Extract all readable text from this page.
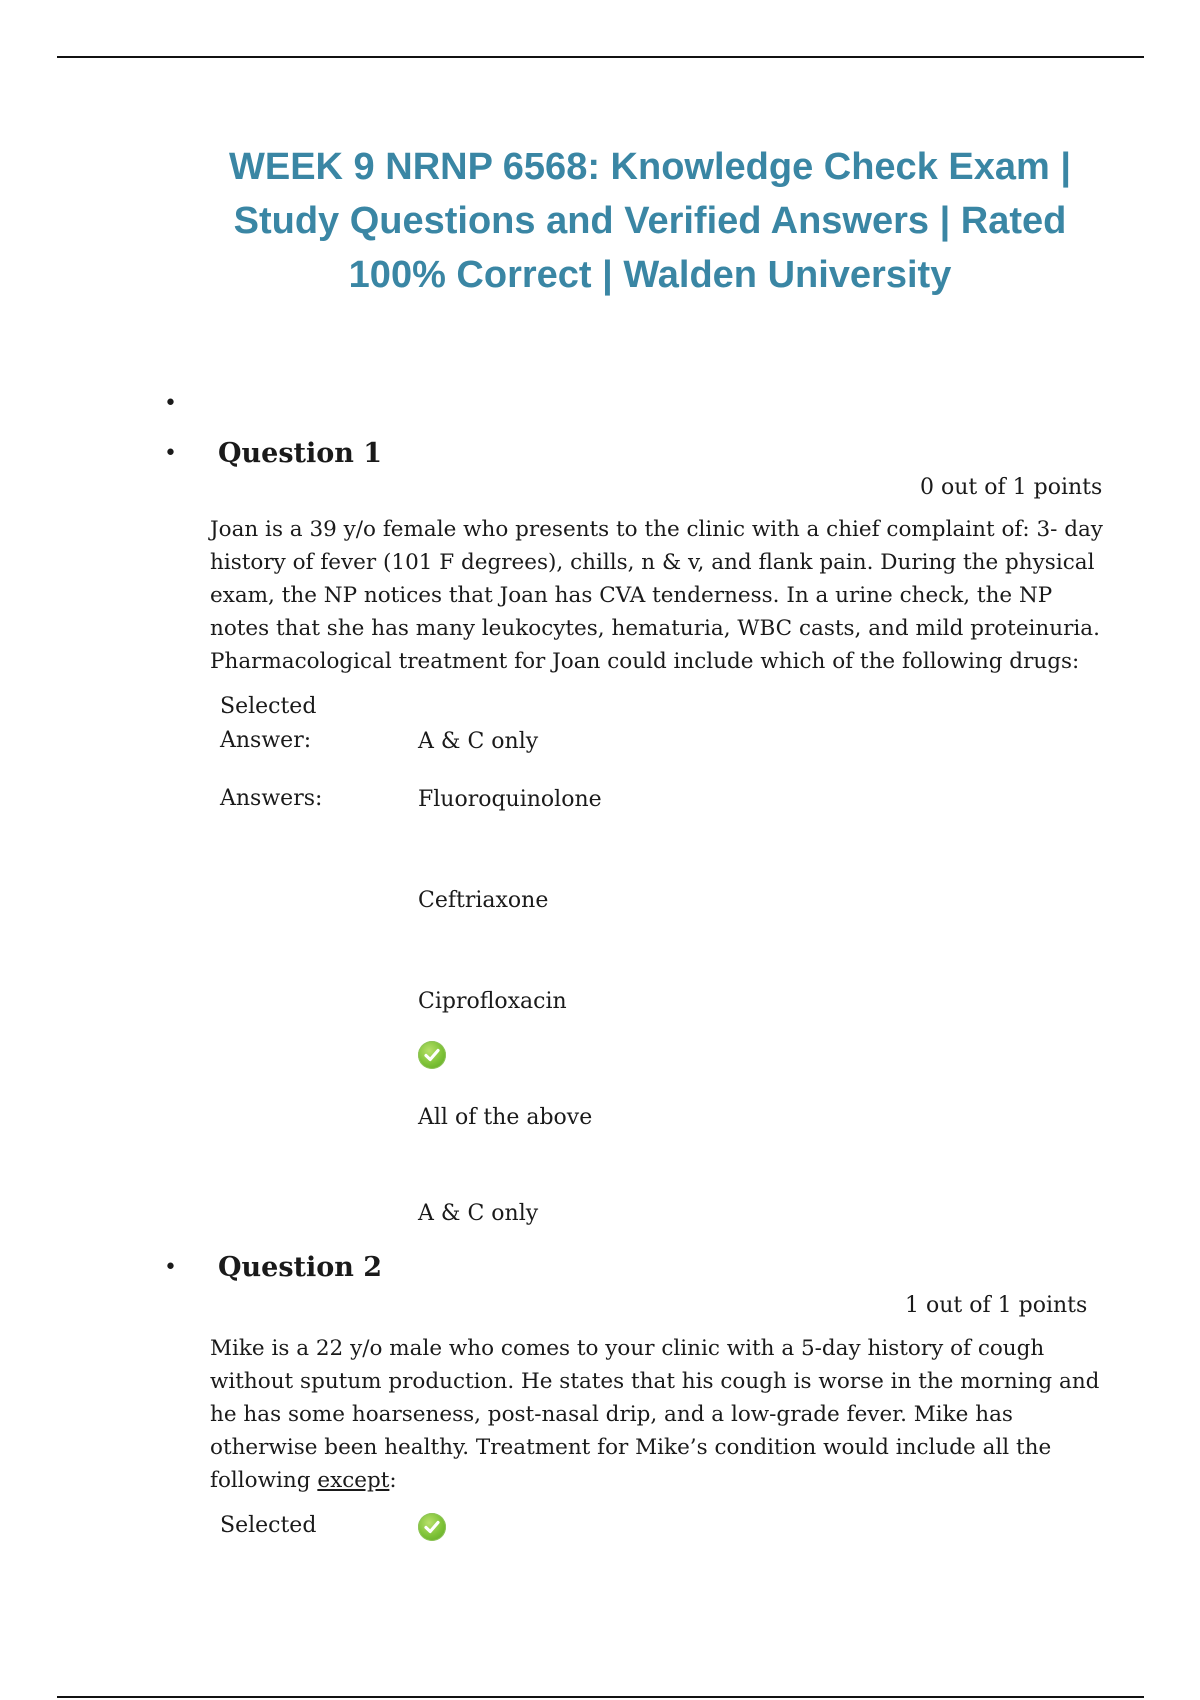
WEEK 9 NRNP 6568: Knowledge Check Exam |
Study Questions and Verified Answers | Rated
100% Correct | Walden University
•
• Question 1
0 out of 1 points

Joan is a 39 y/o female who presents to the clinic with a chief complaint of: 3- day history of fever (101 F degrees), chills, n & v, and flank pain. During the physical exam, the NP notices that Joan has CVA tenderness. In a urine check, the NP notes that she has many leukocytes, hematuria, WBC casts, and mild proteinuria. Pharmacological treatment for Joan could include which of the following drugs:

Selected
Answer:	A & C only
Answers:	Fluoroquinolone
Ceftriaxone
Ciprofloxacin
All of the above
A & C only
• Question 2
1 out of 1 points

Mike is a 22 y/o male who comes to your clinic with a 5-day history of cough without sputum production. He states that his cough is worse in the morning and he has some hoarseness, post-nasal drip, and a low-grade fever. Mike has otherwise been healthy. Treatment for Mike’s condition would include all the following except:

Selected
